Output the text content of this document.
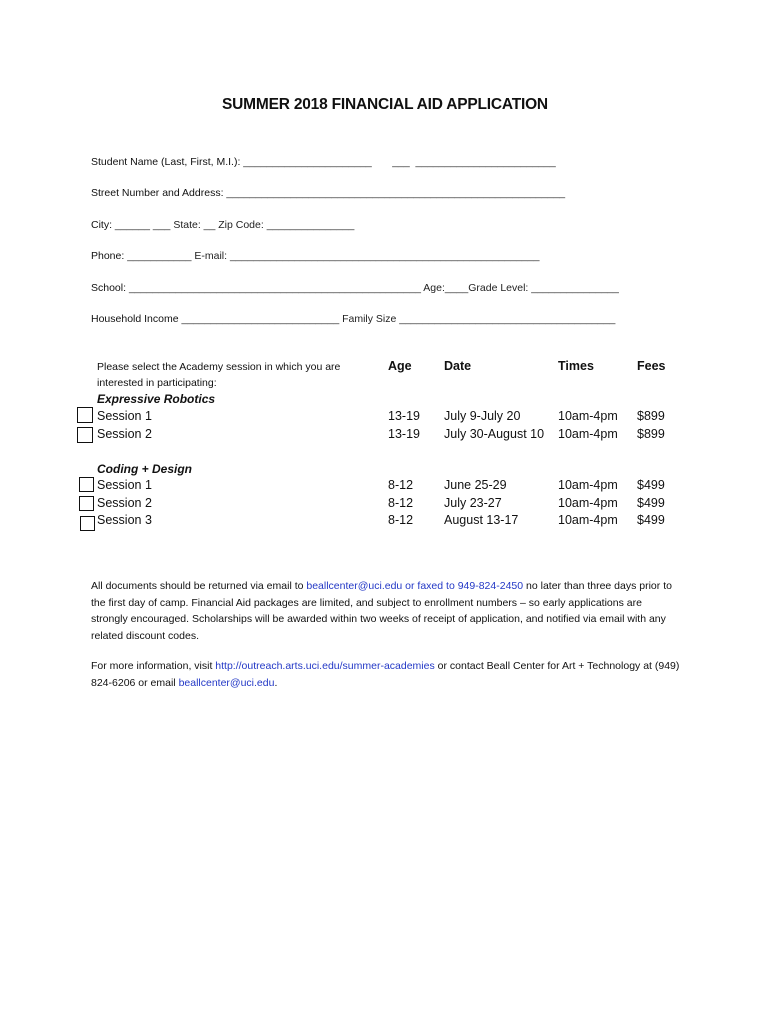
SUMMER 2018 FINANCIAL AID APPLICATION
Student Name (Last, First, M.I.): ______________________       ___  ________________________
Street Number and Address: __________________________________________________________
City: ______ ___ State: __ Zip Code: _______________
Phone: ___________ E-mail: _____________________________________________________
School: __________________________________________________ Age:____Grade Level: _______________
Household Income ___________________________ Family Size _____________________________________
Please select the Academy session in which you are interested in participating:
Age	Date	Times	Fees
Expressive Robotics
Session 1	13-19 July 9-July 20	10am-4pm $899
Session 2	13-19 July 30-August 10 10am-4pm $899
Coding + Design
Session 1	8-12 June 25-29	10am-4pm $499
Session 2	8-12 July 23-27	10am-4pm $499
Session 3	8-12 August 13-17	10am-4pm $499
All documents should be returned via email to beallcenter@uci.edu or faxed to 949-824-2450 no later than three days prior to the first day of camp. Financial Aid packages are limited, and subject to enrollment numbers – so early applications are strongly encouraged. Scholarships will be awarded within two weeks of receipt of application, and notified via email with any related discount codes.
For more information, visit http://outreach.arts.uci.edu/summer-academies or contact Beall Center for Art + Technology at (949) 824-6206 or email beallcenter@uci.edu.
